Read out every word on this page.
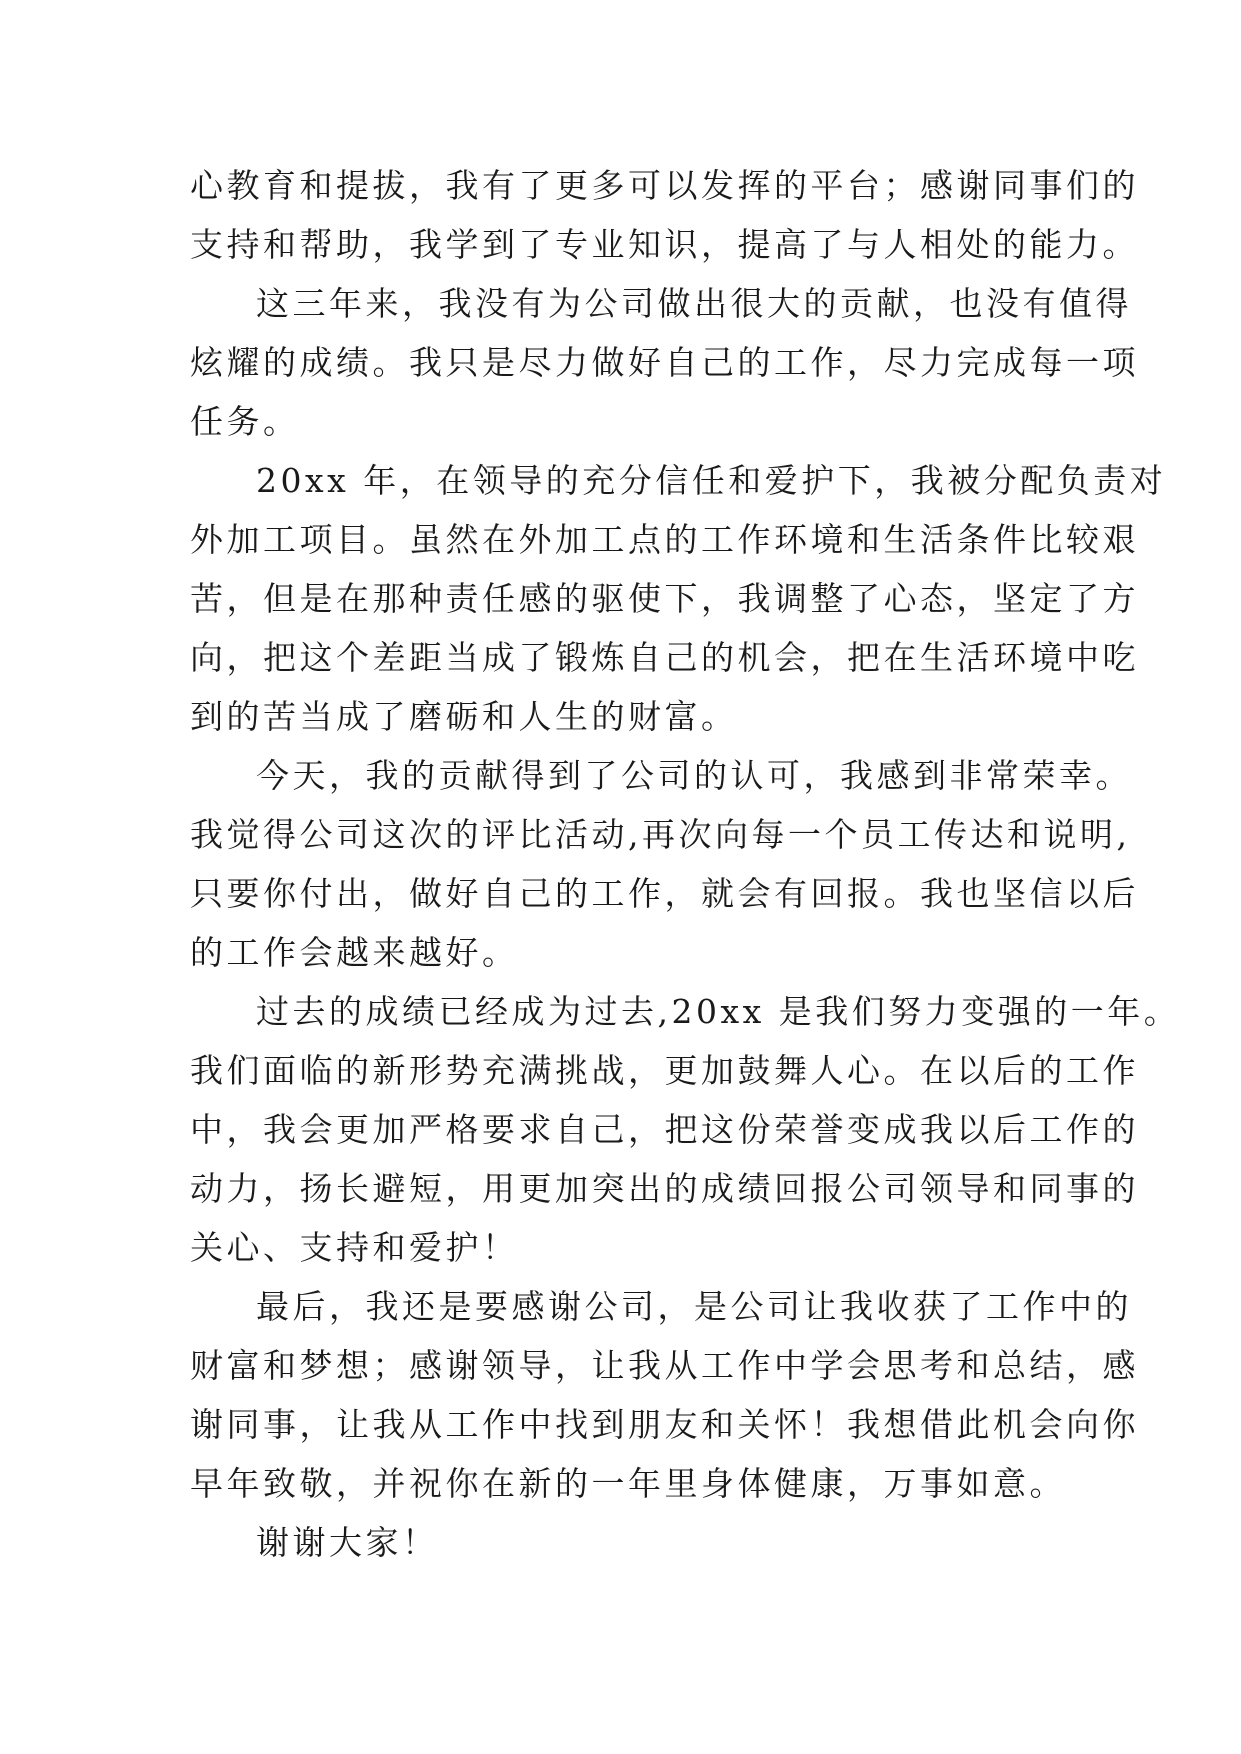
心教育和提拔，我有了更多可以发挥的平台；感谢同事们的
支持和帮助，我学到了专业知识，提高了与人相处的能力。
这三年来，我没有为公司做出很大的贡献，也没有值得
炫耀的成绩。我只是尽力做好自己的工作，尽力完成每一项
任务。
20xx 年，在领导的充分信任和爱护下，我被分配负责对
外加工项目。虽然在外加工点的工作环境和生活条件比较艰
苦，但是在那种责任感的驱使下，我调整了心态，坚定了方
向，把这个差距当成了锻炼自己的机会，把在生活环境中吃
到的苦当成了磨砺和人生的财富。
今天，我的贡献得到了公司的认可，我感到非常荣幸。
我觉得公司这次的评比活动,再次向每一个员工传达和说明,
只要你付出，做好自己的工作，就会有回报。我也坚信以后
的工作会越来越好。
过去的成绩已经成为过去,20xx 是我们努力变强的一年。
我们面临的新形势充满挑战，更加鼓舞人心。在以后的工作
中，我会更加严格要求自己，把这份荣誉变成我以后工作的
动力，扬长避短，用更加突出的成绩回报公司领导和同事的
关心、支持和爱护！
最后，我还是要感谢公司，是公司让我收获了工作中的
财富和梦想；感谢领导，让我从工作中学会思考和总结，感
谢同事，让我从工作中找到朋友和关怀！我想借此机会向你
早年致敬，并祝你在新的一年里身体健康，万事如意。
谢谢大家！
